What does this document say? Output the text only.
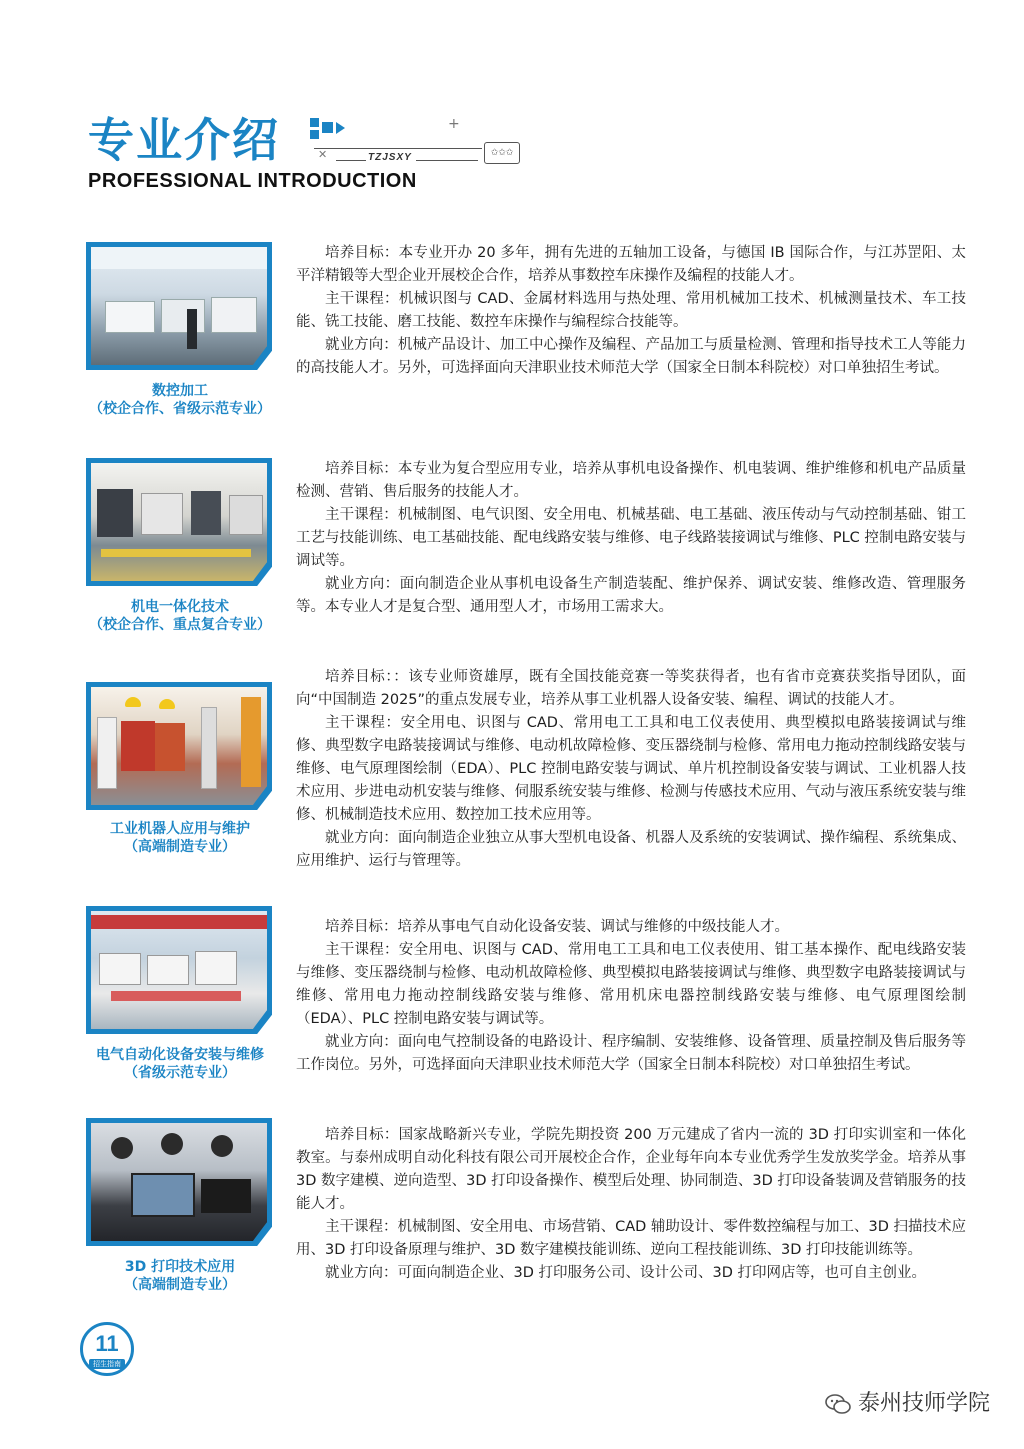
专业介绍	+
✕	TZJSXY	✩✩✩
PROFESSIONAL INTRODUCTION
数控加工
（校企合作、省级示范专业）

培养目标：本专业开办 20 多年，拥有先进的五轴加工设备，与德国 IB 国际合作，与江苏罡阳、太平洋精锻等大型企业开展校企合作，培养从事数控车床操作及编程的技能人才。

主干课程：机械识图与 CAD、金属材料选用与热处理、常用机械加工技术、机械测量技术、车工技能、铣工技能、磨工技能、数控车床操作与编程综合技能等。

就业方向：机械产品设计、加工中心操作及编程、产品加工与质量检测、管理和指导技术工人等能力的高技能人才。另外，可选择面向天津职业技术师范大学（国家全日制本科院校）对口单独招生考试。

机电一体化技术
（校企合作、重点复合专业）

培养目标：本专业为复合型应用专业，培养从事机电设备操作、机电装调、维护维修和机电产品质量检测、营销、售后服务的技能人才。

主干课程：机械制图、电气识图、安全用电、机械基础、电工基础、液压传动与气动控制基础、钳工工艺与技能训练、电工基础技能、配电线路安装与维修、电子线路装接调试与维修、PLC 控制电路安装与调试等。

就业方向：面向制造企业从事机电设备生产制造装配、维护保养、调试安装、维修改造、管理服务等。本专业人才是复合型、通用型人才，市场用工需求大。

工业机器人应用与维护
（高端制造专业）

培养目标：：该专业师资雄厚，既有全国技能竞赛一等奖获得者，也有省市竞赛获奖指导团队，面向“中国制造 2025”的重点发展专业，培养从事工业机器人设备安装、编程、调试的技能人才。

主干课程：安全用电、识图与 CAD、常用电工工具和电工仪表使用、典型模拟电路装接调试与维修、典型数字电路装接调试与维修、电动机故障检修、变压器绕制与检修、常用电力拖动控制线路安装与维修、电气原理图绘制（EDA）、PLC 控制电路安装与调试、单片机控制设备安装与调试、工业机器人技术应用、步进电动机安装与维修、伺服系统安装与维修、检测与传感技术应用、气动与液压系统安装与维修、机械制造技术应用、数控加工技术应用等。

就业方向：面向制造企业独立从事大型机电设备、机器人及系统的安装调试、操作编程、系统集成、应用维护、运行与管理等。

电气自动化设备安装与维修
（省级示范专业）

培养目标：培养从事电气自动化设备安装、调试与维修的中级技能人才。

主干课程：安全用电、识图与 CAD、常用电工工具和电工仪表使用、钳工基本操作、配电线路安装与维修、变压器绕制与检修、电动机故障检修、典型模拟电路装接调试与维修、典型数字电路装接调试与维修、常用电力拖动控制线路安装与维修、常用机床电器控制线路安装与维修、电气原理图绘制（EDA）、PLC 控制电路安装与调试等。

就业方向：面向电气控制设备的电路设计、程序编制、安装维修、设备管理、质量控制及售后服务等工作岗位。另外，可选择面向天津职业技术师范大学（国家全日制本科院校）对口单独招生考试。

3D 打印技术应用
（高端制造专业）

培养目标：国家战略新兴专业，学院先期投资 200 万元建成了省内一流的 3D 打印实训室和一体化教室。与泰州成明自动化科技有限公司开展校企合作，企业每年向本专业优秀学生发放奖学金。培养从事 3D 数字建模、逆向造型、3D 打印设备操作、模型后处理、协同制造、3D 打印设备装调及营销服务的技能人才。

主干课程：机械制图、安全用电、市场营销、CAD 辅助设计、零件数控编程与加工、3D 扫描技术应用、3D 打印设备原理与维护、3D 数字建模技能训练、逆向工程技能训练、3D 打印技能训练等。

就业方向：可面向制造企业、3D 打印服务公司、设计公司、3D 打印网店等，也可自主创业。

11
招生指南
泰州技师学院
